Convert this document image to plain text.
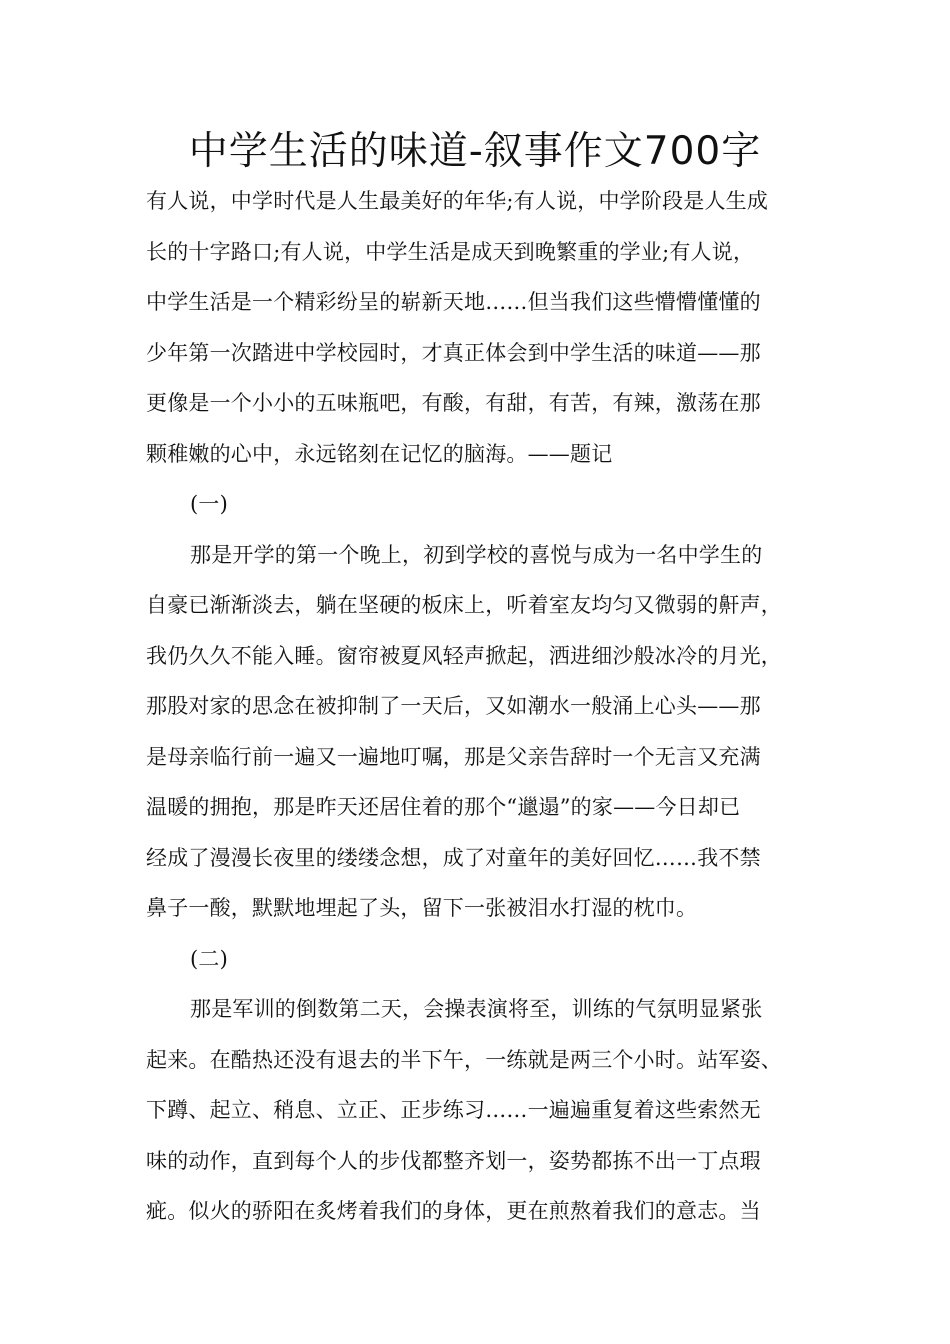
中学生活的味道-叙事作文700字
有人说，中学时代是人生最美好的年华;有人说，中学阶段是人生成
长的十字路口;有人说，中学生活是成天到晚繁重的学业;有人说，
中学生活是一个精彩纷呈的崭新天地……但当我们这些懵懵懂懂的
少年第一次踏进中学校园时，才真正体会到中学生活的味道——那
更像是一个小小的五味瓶吧，有酸，有甜，有苦，有辣，激荡在那
颗稚嫩的心中，永远铭刻在记忆的脑海。——题记
(一)
那是开学的第一个晚上，初到学校的喜悦与成为一名中学生的
自豪已渐渐淡去，躺在坚硬的板床上，听着室友均匀又微弱的鼾声，
我仍久久不能入睡。窗帘被夏风轻声掀起，洒进细沙般冰冷的月光，
那股对家的思念在被抑制了一天后，又如潮水一般涌上心头——那
是母亲临行前一遍又一遍地叮嘱，那是父亲告辞时一个无言又充满
温暖的拥抱，那是昨天还居住着的那个“邋遢”的家——今日却已
经成了漫漫长夜里的缕缕念想，成了对童年的美好回忆……我不禁
鼻子一酸，默默地埋起了头，留下一张被泪水打湿的枕巾。
(二)
那是军训的倒数第二天，会操表演将至，训练的气氛明显紧张
起来。在酷热还没有退去的半下午，一练就是两三个小时。站军姿、
下蹲、起立、稍息、立正、正步练习……一遍遍重复着这些索然无
味的动作，直到每个人的步伐都整齐划一，姿势都拣不出一丁点瑕
疵。似火的骄阳在炙烤着我们的身体，更在煎熬着我们的意志。当
